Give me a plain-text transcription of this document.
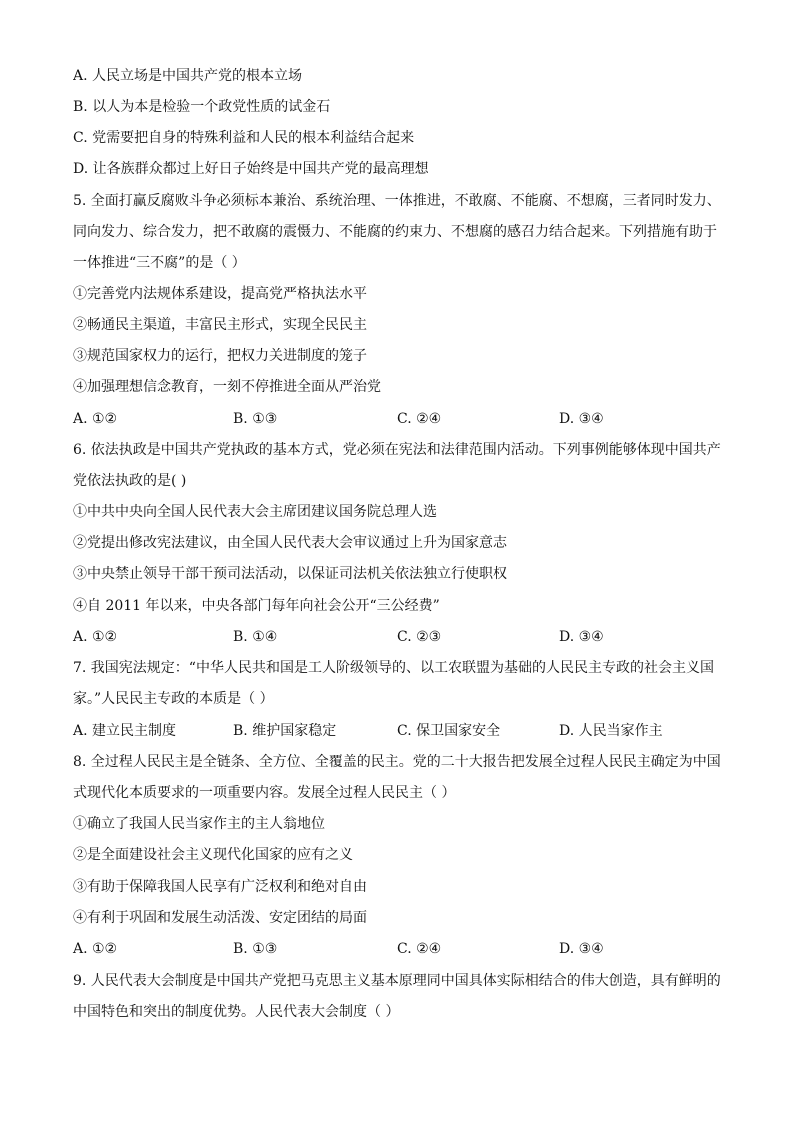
A. 人民立场是中国共产党的根本立场
B. 以人为本是检验一个政党性质的试金石
C. 党需要把自身的特殊利益和人民的根本利益结合起来
D. 让各族群众都过上好日子始终是中国共产党的最高理想
5. 全面打赢反腐败斗争必须标本兼治、系统治理、一体推进，不敢腐、不能腐、不想腐，三者同时发力、
同向发力、综合发力，把不敢腐的震慑力、不能腐的约束力、不想腐的感召力结合起来。下列措施有助于
一体推进“三不腐”的是（ ）
①完善党内法规体系建设，提高党严格执法水平
②畅通民主渠道，丰富民主形式，实现全民民主
③规范国家权力的运行，把权力关进制度的笼子
④加强理想信念教育，一刻不停推进全面从严治党
A. ①②	B. ①③	C. ②④	D. ③④
6. 依法执政是中国共产党执政的基本方式，党必须在宪法和法律范围内活动。下列事例能够体现中国共产
党依法执政的是( )
①中共中央向全国人民代表大会主席团建议国务院总理人选
②党提出修改宪法建议，由全国人民代表大会审议通过上升为国家意志
③中央禁止领导干部干预司法活动，以保证司法机关依法独立行使职权
④自 2011 年以来，中央各部门每年向社会公开“三公经费”
A. ①②	B. ①④	C. ②③	D. ③④
7. 我国宪法规定：“中华人民共和国是工人阶级领导的、以工农联盟为基础的人民民主专政的社会主义国
家。”人民民主专政的本质是（ ）
A. 建立民主制度	B. 维护国家稳定	C. 保卫国家安全	D. 人民当家作主
8. 全过程人民民主是全链条、全方位、全覆盖的民主。党的二十大报告把发展全过程人民民主确定为中国
式现代化本质要求的一项重要内容。发展全过程人民民主（ ）
①确立了我国人民当家作主的主人翁地位
②是全面建设社会主义现代化国家的应有之义
③有助于保障我国人民享有广泛权利和绝对自由
④有利于巩固和发展生动活泼、安定团结的局面
A. ①②	B. ①③	C. ②④	D. ③④
9. 人民代表大会制度是中国共产党把马克思主义基本原理同中国具体实际相结合的伟大创造，具有鲜明的
中国特色和突出的制度优势。人民代表大会制度（ ）
